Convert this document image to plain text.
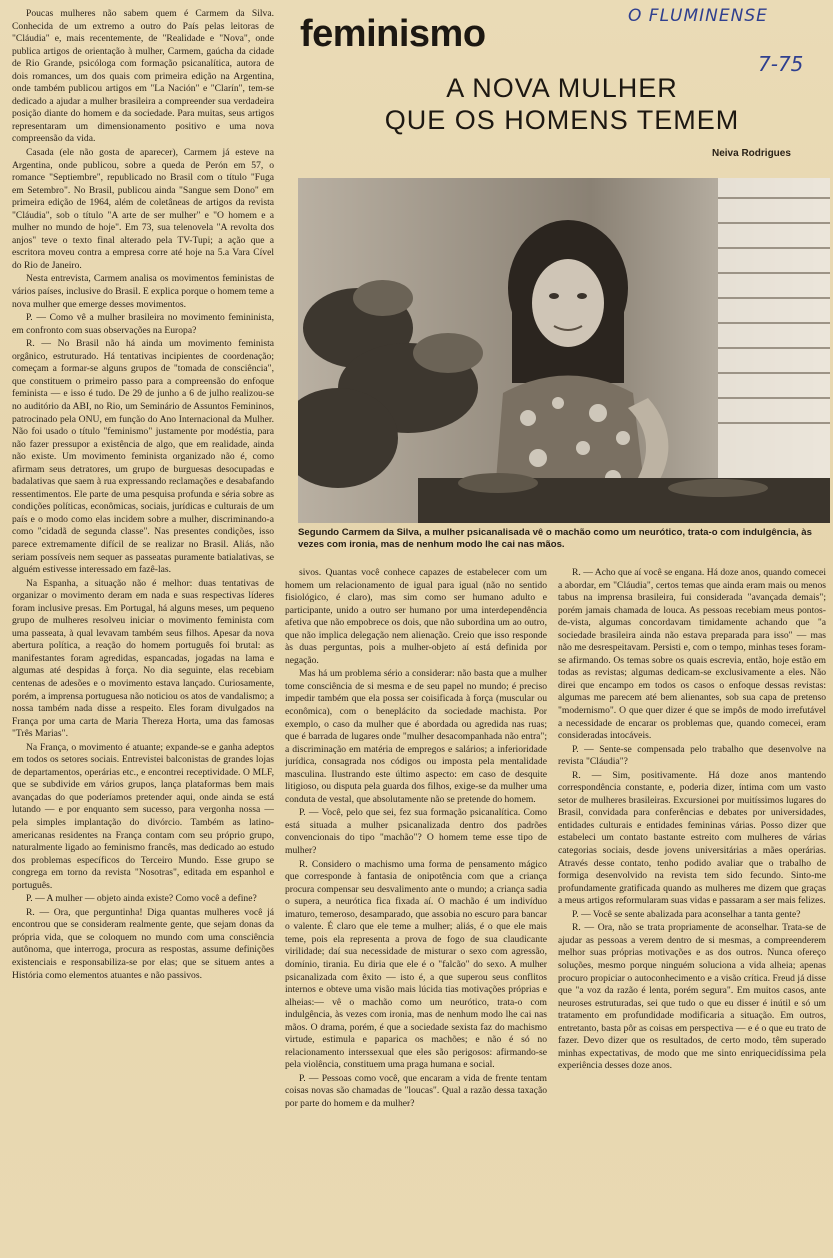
O FLUMINENSE
7-75
feminismo
A NOVA MULHER
QUE OS HOMENS TEMEM
Neiva Rodrigues
Segundo Carmem da Silva, a mulher psicanalisada vê o machão como um neurótico, trata-o com indulgência, às vezes com ironia, mas de nenhum modo lhe cai nas mãos.

Poucas mulheres não sabem quem é Carmem da Silva. Conhecida de um extremo a outro do País pelas leitoras de "Cláudia" e, mais recentemente, de "Realidade e "Nova", onde publica artigos de orientação à mulher, Carmem, gaúcha da cidade de Rio Grande, psicóloga com formação psicanalítica, autora de dois romances, um dos quais com primeira edição na Argentina, onde também publicou artigos em "La Nación" e "Clarín", tem-se dedicado a ajudar a mulher brasileira a compreender sua verdadeira posição diante do homem e da sociedade. Para muitas, seus artigos representaram um dimensionamento positivo e uma nova compreensão da vida.

Casada (ele não gosta de aparecer), Carmem já esteve na Argentina, onde publicou, sobre a queda de Perón em 57, o romance "Septiembre", republicado no Brasil com o título "Fuga em Setembro". No Brasil, publicou ainda "Sangue sem Dono" em primeira edição de 1964, além de coletâneas de artigos da revista "Cláudia", sob o título "A arte de ser mulher" e "O homem e a mulher no mundo de hoje". Em 73, sua telenovela "A revolta dos anjos" teve o texto final alterado pela TV-Tupi; a ação que a escritora moveu contra a empresa corre até hoje na 5.a Vara Cível do Rio de Janeiro.

Nesta entrevista, Carmem analisa os movimentos feministas de vários países, inclusive do Brasil. E explica porque o homem teme a nova mulher que emerge desses movimentos.

P. — Como vê a mulher brasileira no movimento femininista, em confronto com suas observações na Europa?

R. — No Brasil não há ainda um movimento feminista orgânico, estruturado. Há tentativas incipientes de coordenação; começam a formar-se alguns grupos de "tomada de consciência", que constituem o primeiro passo para a compreensão do enfoque feminista — e isso é tudo. De 29 de junho a 6 de julho realizou-se no auditório da ABI, no Rio, um Seminário de Assuntos Femininos, patrocinado pela ONU, em função do Ano Internacional da Mulher. Não foi usado o título "feminismo" justamente por modéstia, para não fazer pressupor a existência de algo, que em realidade, ainda não existe. Um movimento feminista organizado não é, como afirmam seus detratores, um grupo de burguesas desocupadas e badalativas que saem à rua expressando reclamações e desabafando ressentimentos. Ele parte de uma pesquisa profunda e séria sobre as condições políticas, econômicas, sociais, jurídicas e culturais de um país e o modo como elas incidem sobre a mulher, discriminando-a como "cidadã de segunda classe". Nas presentes condições, isso parece extremamente difícil de se realizar no Brasil. Aliás, não seriam possíveis nem sequer as passeatas puramente batialativas, se alguém estivesse interessado em fazê-las.

Na Espanha, a situação não é melhor: duas tentativas de organizar o movimento deram em nada e suas respectivas líderes foram inclusive presas. Em Portugal, há alguns meses, um pequeno grupo de mulheres resolveu iniciar o movimento feminista com uma passeata, à qual levavam também seus filhos. Apesar da nova abertura política, a reação do homem português foi brutal: as manifestantes foram agredidas, espancadas, jogadas na lama e algumas até despidas à força. No dia seguinte, elas recebiam centenas de adesões e o movimento estava lançado. Curiosamente, porém, a imprensa portuguesa não noticiou os atos de vandalismo; a nossa também nada disse a respeito. Eles foram divulgados na França por uma carta de Maria Thereza Horta, uma das famosas "Três Marias".

Na França, o movimento é atuante; expande-se e ganha adeptos em todos os setores sociais. Entrevistei balconistas de grandes lojas de departamentos, operárias etc., e encontrei receptividade. O MLF, que se subdivide em vários grupos, lança plataformas bem mais avançadas do que poderíamos pretender aqui, onde ainda se está lutando — e por enquanto sem sucesso, para vergonha nossa — pela simples implantação do divórcio. Também as latino-americanas residentes na França contam com seu próprio grupo, naturalmente ligado ao feminismo francês, mas dedicado ao estudo dos problemas específicos do Terceiro Mundo. Esse grupo se congrega em torno da revista "Nosotras", editada em espanhol e português.

P. — A mulher — objeto ainda existe? Como você a define?

R. — Ora, que perguntinha! Diga quantas mulheres você já encontrou que se consideram realmente gente, que sejam donas da própria vida, que se coloquem no mundo com uma consciência autônoma, que interroga, procura as respostas, assume definições existenciais e responsabiliza-se por elas; que se situem antes a História como elementos atuantes e não passivos.

sivos. Quantas você conhece capazes de estabelecer com um homem um relacionamento de igual para igual (não no sentido fisiológico, é claro), mas sim como ser humano adulto e participante, unido a outro ser humano por uma interdependência afetiva que não empobrece os dois, que não subordina um ao outro, que não implica delegação nem alienação. Creio que isso responde às duas perguntas, pois a mulher-objeto aí está definida por negação.

Mas há um problema sério a considerar: não basta que a mulher tome consciência de si mesma e de seu papel no mundo; é preciso impedir também que ela possa ser coisificada à força (muscular ou econômica), com o beneplácito da sociedade machista. Por exemplo, o caso da mulher que é abordada ou agredida nas ruas; que é barrada de lugares onde "mulher desacompanhada não entra"; a discriminação em matéria de empregos e salários; a inferioridade jurídica, consagrada nos códigos ou imposta pela mentalidade masculina. Ilustrando este último aspecto: em caso de desquite litigioso, ou disputa pela guarda dos filhos, exige-se da mulher uma conduta de vestal, que absolutamente não se pretende do homem.

P. — Você, pelo que sei, fez sua formação psicanalítica. Como está situada a mulher psicanalizada dentro dos padrões convencionais do tipo "machão"? O homem teme esse tipo de mulher?

R. Considero o machismo uma forma de pensamento mágico que corresponde à fantasia de onipotência com que a criança procura compensar seu desvalimento ante o mundo; a criança sadia o supera, a neurótica fica fixada aí. O machão é um indivíduo imaturo, temeroso, desamparado, que assobia no escuro para bancar o valente. É claro que ele teme a mulher; aliás, é o que ele mais teme, pois ela representa a prova de fogo de sua claudicante virilidade; daí sua necessidade de misturar o sexo com agressão, domínio, tirania. Eu diria que ele é o "falcão" do sexo. A mulher psicanalizada com êxito — isto é, a que superou seus conflitos internos e obteve uma visão mais lúcida tias motivações próprias e alheias:— vê o machão como um neurótico, trata-o com indulgência, às vezes com ironia, mas de nenhum modo lhe cai nas mãos. O drama, porém, é que a sociedade sexista faz do machismo virtude, estimula e paparica os machões; e não é só no relacionamento interssexual que eles são perigosos: afirmando-se pela violência, constituem uma praga humana e social.

P. — Pessoas como você, que encaram a vida de frente tentam coisas novas são chamadas de "loucas". Qual a razão dessa taxação por parte do homem e da mulher?

R. — Acho que aí você se engana. Há doze anos, quando comecei a abordar, em "Cláudia", certos temas que ainda eram mais ou menos tabus na imprensa brasileira, fui considerada "avançada demais"; porém jamais chamada de louca. As pessoas recebiam meus pontos-de-vista, algumas concordavam timidamente achando que "a sociedade brasileira ainda não estava preparada para isso" — mas não me desrespeitavam. Persisti e, com o tempo, minhas teses foram-se afirmando. Os temas sobre os quais escrevia, então, hoje estão em todas as revistas; algumas dedicam-se exclusivamente a eles. Não direi que encampo em todos os casos o enfoque dessas revistas: algumas me parecem até bem alienantes, sob sua capa de pretenso "modernismo". O que quer dizer é que se impôs de modo irrefutável a necessidade de encarar os problemas que, quando comecei, eram consideradas intocáveis.

P. — Sente-se compensada pelo trabalho que desenvolve na revista "Cláudia"?

R. — Sim, positivamente. Há doze anos mantendo correspondência constante, e, poderia dizer, íntima com um vasto setor de mulheres brasileiras. Excursionei por muitíssimos lugares do Brasil, convidada para conferências e debates por universidades, entidades culturais e entidades femininas várias. Posso dizer que estabeleci um contato bastante estreito com mulheres de várias categorias sociais, desde jovens universitárias a mães operárias. Através desse contato, tenho podido avaliar que o trabalho de formiga desenvolvido na revista tem sido fecundo. Sinto-me profundamente gratificada quando as mulheres me dizem que graças a meus artigos reformularam suas vidas e passaram a ser mais felizes.

P. — Você se sente abalizada para aconselhar a tanta gente?

R. — Ora, não se trata propriamente de aconselhar. Trata-se de ajudar as pessoas a verem dentro de si mesmas, a compreenderem melhor suas próprias motivações e as dos outros. Nunca ofereço soluções, mesmo porque ninguém soluciona a vida alheia; apenas procuro propiciar o autoconhecimento e a visão crítica. Freud já disse que "a voz da razão é lenta, porém segura". Em muitos casos, ante neuroses estruturadas, sei que tudo o que eu disser é inútil e só um tratamento em profundidade modificaria a situação. Em outros, entretanto, basta pôr as coisas em perspectiva — e é o que eu trato de fazer. Devo dizer que os resultados, de certo modo, têm superado minhas expectativas, de modo que me sinto enriquecidíssima pela experiência desses doze anos.
